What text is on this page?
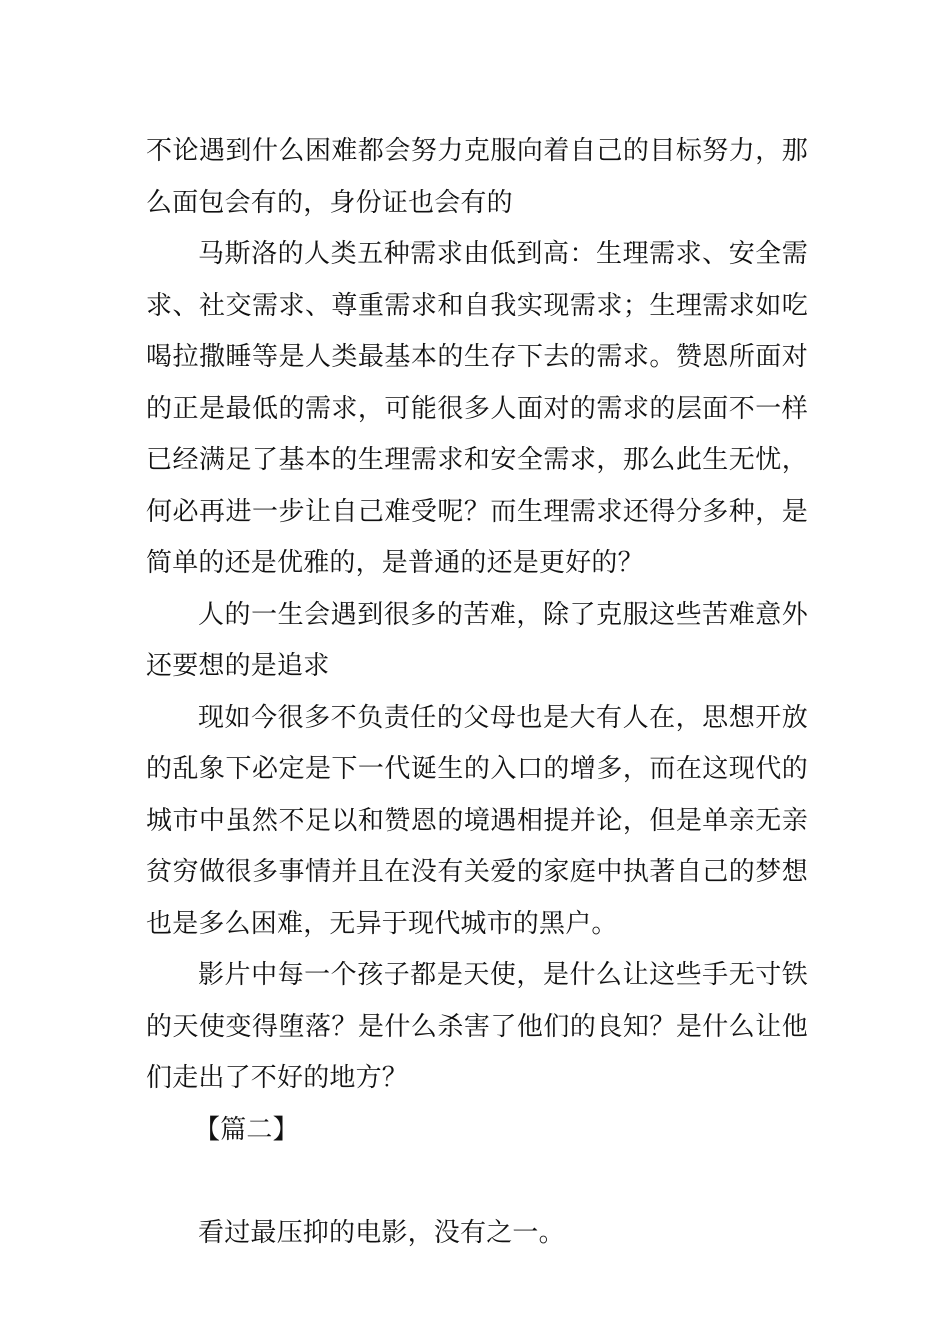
不论遇到什么困难都会努力克服向着自己的目标努力，那么面包会有的，身份证也会有的

马斯洛的人类五种需求由低到高：生理需求、安全需求、社交需求、尊重需求和自我实现需求；生理需求如吃喝拉撒睡等是人类最基本的生存下去的需求。赞恩所面对的正是最低的需求，可能很多人面对的需求的层面不一样已经满足了基本的生理需求和安全需求，那么此生无忧，何必再进一步让自己难受呢？而生理需求还得分多种，是简单的还是优雅的，是普通的还是更好的？

人的一生会遇到很多的苦难，除了克服这些苦难意外还要想的是追求

现如今很多不负责任的父母也是大有人在，思想开放的乱象下必定是下一代诞生的入口的增多，而在这现代的城市中虽然不足以和赞恩的境遇相提并论，但是单亲无亲贫穷做很多事情并且在没有关爱的家庭中执著自己的梦想也是多么困难，无异于现代城市的黑户。

影片中每一个孩子都是天使，是什么让这些手无寸铁的天使变得堕落？是什么杀害了他们的良知？是什么让他们走出了不好的地方？

【篇二】

看过最压抑的电影，没有之一。
